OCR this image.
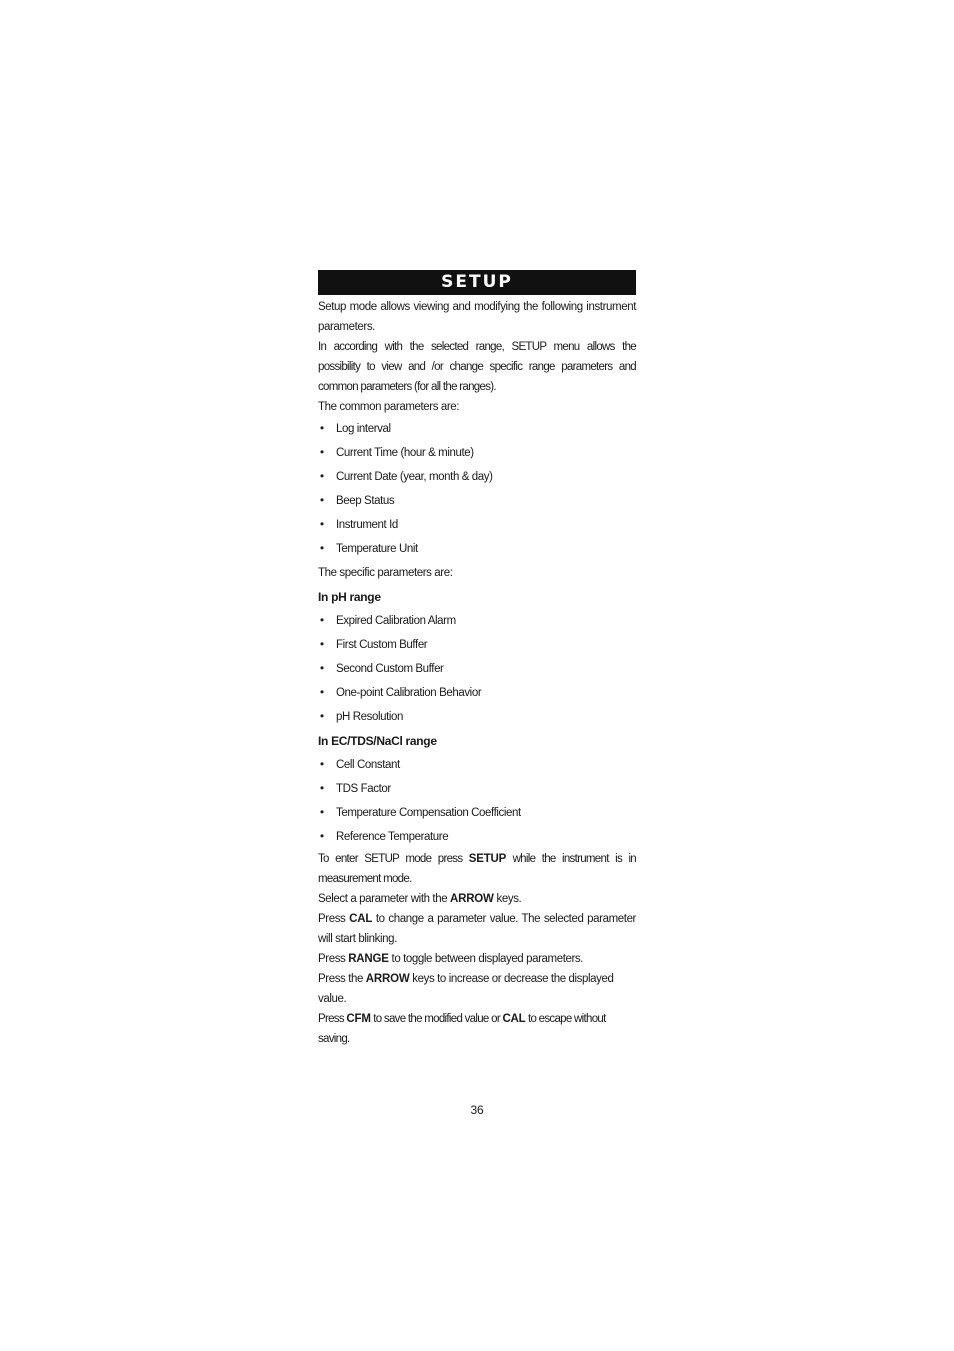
SETUP

Setup mode allows viewing and modifying the following instrument parameters.

In according with the selected range, SETUP menu allows the possibility to view and /or change specific range parameters and common parameters (for all the ranges).

The common parameters are:

• Log interval
• Current Time (hour & minute)
• Current Date (year, month & day)
• Beep Status
• Instrument Id
• Temperature Unit

The specific parameters are:

In pH range
• Expired Calibration Alarm
• First Custom Buffer
• Second Custom Buffer
• One-point Calibration Behavior
• pH Resolution
In EC/TDS/NaCl range
• Cell Constant
• TDS Factor
• Temperature Compensation Coefficient
• Reference Temperature

To enter SETUP mode press SETUP while the instrument is in measurement mode.

Select a parameter with the ARROW keys.

Press CAL to change a parameter value. The selected parameter will start blinking.

Press RANGE to toggle between displayed parameters.

Press the ARROW keys to increase or decrease the displayed value.

Press CFM to save the modified value or CAL to escape without saving.

36
